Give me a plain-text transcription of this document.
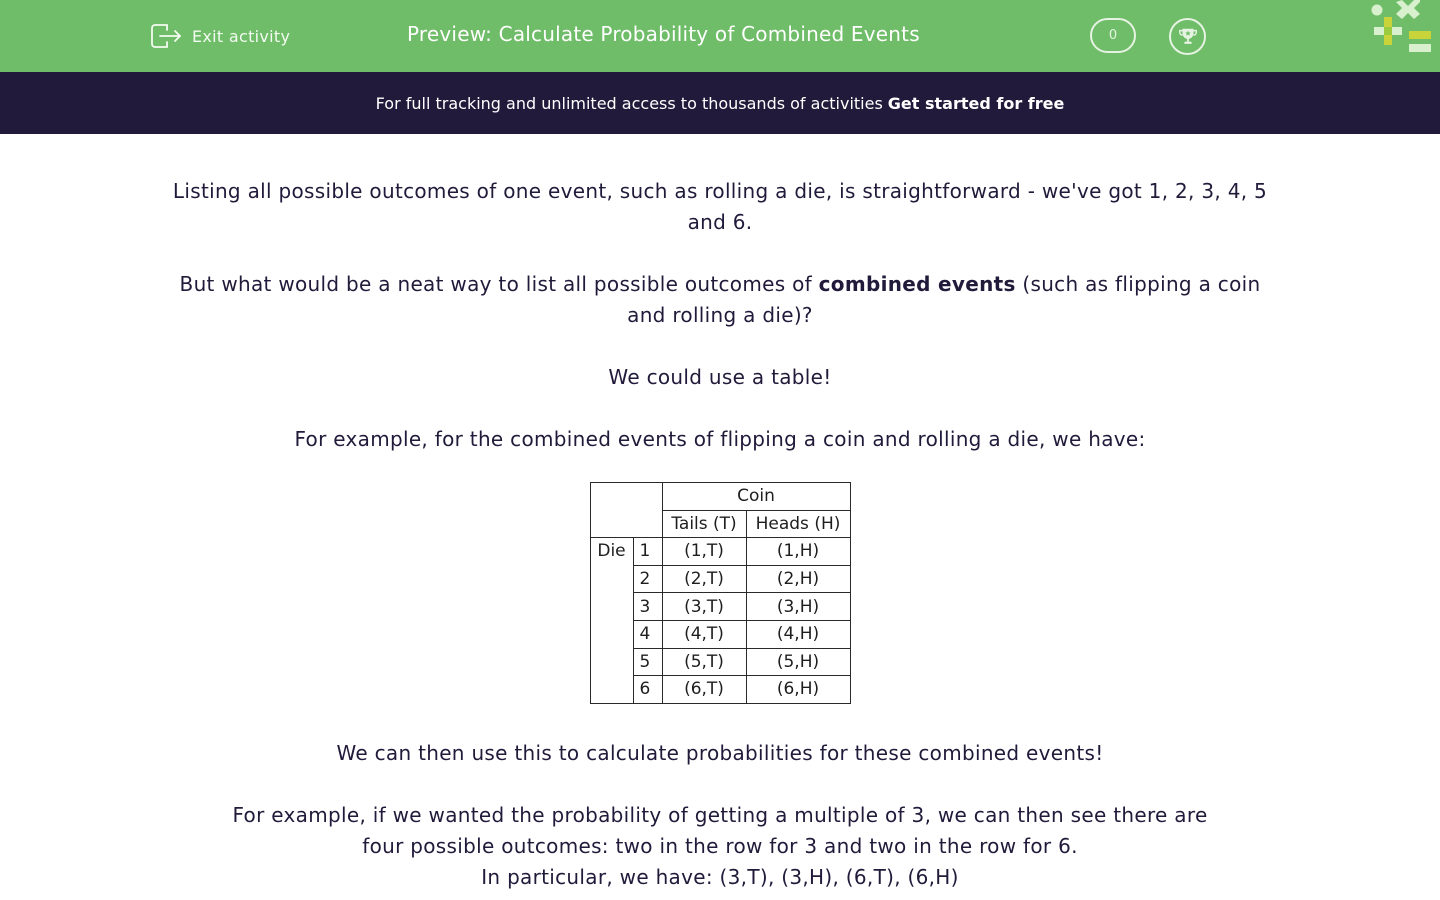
Exit activity	Preview: Calculate Probability of Combined Events	0
For full tracking and unlimited access to thousands of activities Get started for free

Listing all possible outcomes of one event, such as rolling a die, is straightforward - we've got 1, 2, 3, 4, 5 and 6.

But what would be a neat way to list all possible outcomes of combined events (such as flipping a coin and rolling a die)?

We could use a table!

For example, for the combined events of flipping a coin and rolling a die, we have:

		Coin	
		Tails (T)	Heads (H)
Die	1	(1,T)	(1,H)
	2	(2,T)	(2,H)
	3	(3,T)	(3,H)
	4	(4,T)	(4,H)
	5	(5,T)	(5,H)
	6	(6,T)	(6,H)

We can then use this to calculate probabilities for these combined events!

For example, if we wanted the probability of getting a multiple of 3, we can then see there are

four possible outcomes: two in the row for 3 and two in the row for 6.

In particular, we have: (3,T), (3,H), (6,T), (6,H)
